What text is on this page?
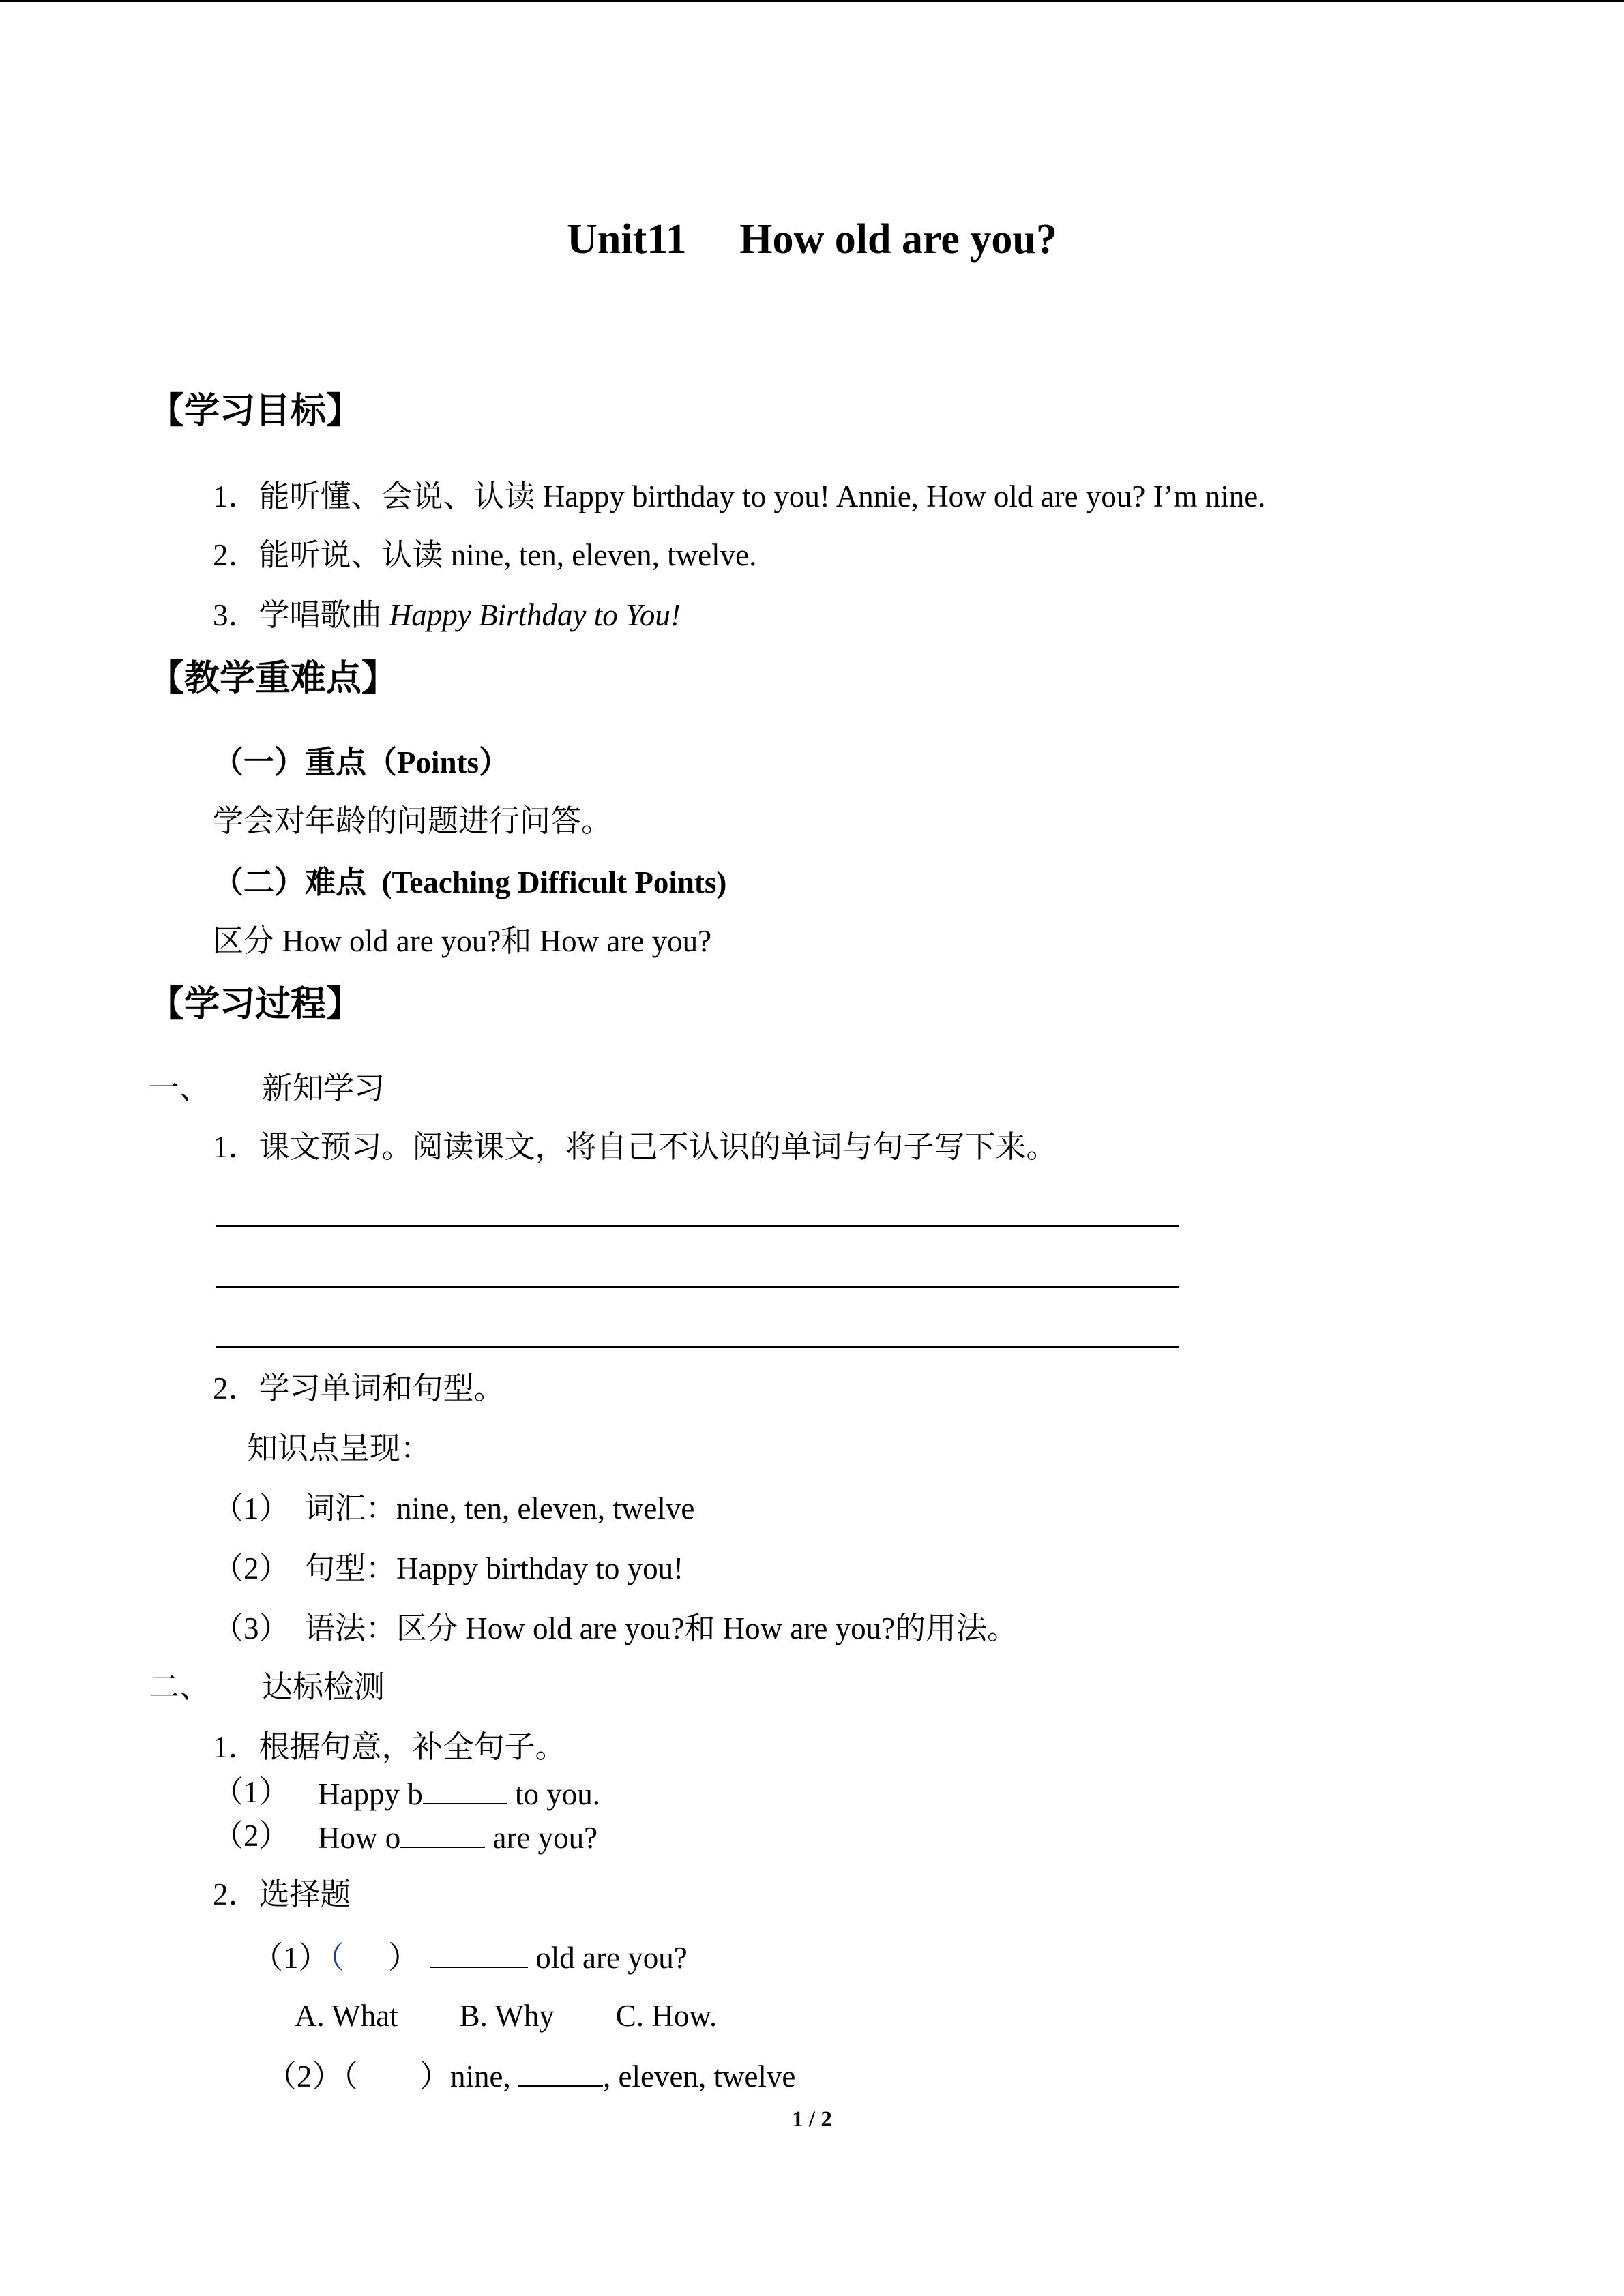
Unit11　 How old are you?
【学习目标】
1．能听懂、会说、认读 Happy birthday to you! Annie, How old are you? I’m nine.
2．能听说、认读 nine, ten, eleven, twelve.
3．学唱歌曲 Happy Birthday to You!
【教学重难点】
（一）重点（Points）
学会对年龄的问题进行问答。
（二）难点  (Teaching Difficult Points)
区分 How old are you?和 How are you?
【学习过程】
一、 新知学习
1．课文预习。阅读课文，将自己不认识的单词与句子写下来。
2．学习单词和句型。
知识点呈现：
（1） 词汇：nine, ten, eleven, twelve
（2） 句型：Happy birthday to you!
（3） 语法：区分 How old are you?和 How are you?的用法。
二、 达标检测
1．根据句意，补全句子。
（1） Happy b	to you.
（2） How o	are you?
2．选择题
（1）（ ）	old are you?
A. What        B. Why        C. How.
（2）（        ）nine,	, eleven, twelve
1 / 2
